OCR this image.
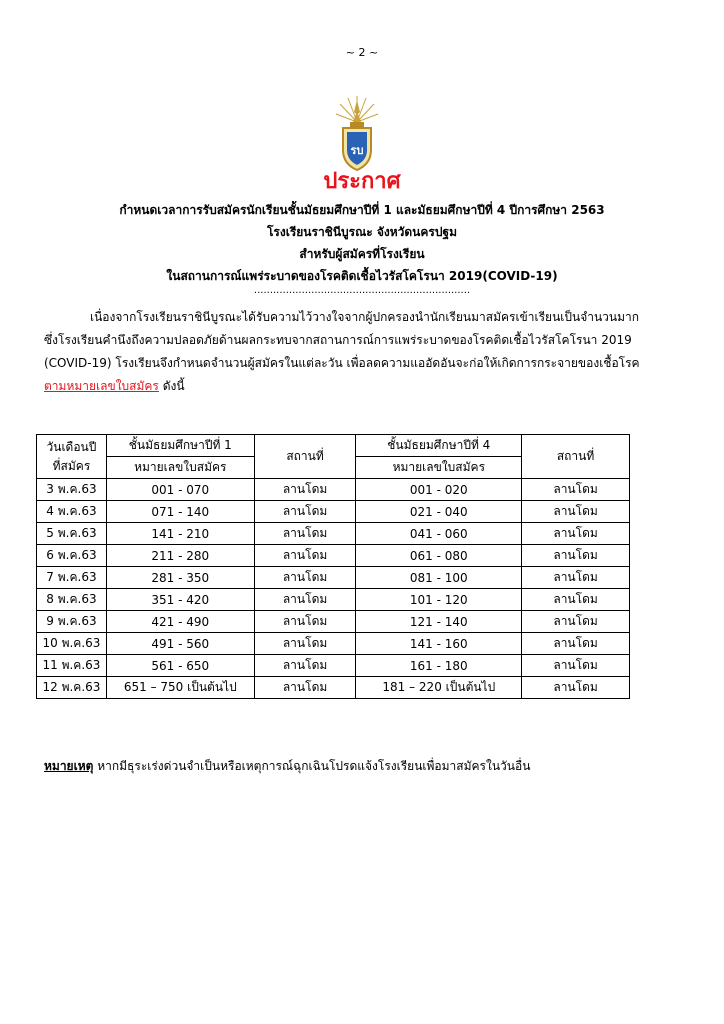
~ 2 ~
รบ
ประกาศ
กำหนดเวลาการรับสมัครนักเรียนชั้นมัธยมศึกษาปีที่ 1 และมัธยมศึกษาปีที่ 4 ปีการศึกษา 2563
โรงเรียนราชินีบูรณะ จังหวัดนครปฐม
สำหรับผู้สมัครที่โรงเรียน
ในสถานการณ์แพร่ระบาดของโรคติดเชื้อไวรัสโคโรนา 2019(COVID-19)
....................................................................
เนื่องจากโรงเรียนราชินีบูรณะได้รับความไว้วางใจจากผู้ปกครองนำนักเรียนมาสมัครเข้าเรียนเป็นจำนวนมาก
ซึ่งโรงเรียนคำนึงถึงความปลอดภัยด้านผลกระทบจากสถานการณ์การแพร่ระบาดของโรคติดเชื้อไวรัสโคโรนา 2019
(COVID-19) โรงเรียนจึงกำหนดจำนวนผู้สมัครในแต่ละวัน เพื่อลดความแออัดอันจะก่อให้เกิดการกระจายของเชื้อโรค
ตามหมายเลขใบสมัคร ดังนี้
วันเดือนปี
ที่สมัคร	ชั้นมัธยมศึกษาปีที่ 1	สถานที่	ชั้นมัธยมศึกษาปีที่ 4	สถานที่
	หมายเลขใบสมัคร		หมายเลขใบสมัคร	
3 พ.ค.63	001 - 070	ลานโดม	001 - 020	ลานโดม
4 พ.ค.63	071 - 140	ลานโดม	021 - 040	ลานโดม
5 พ.ค.63	141 - 210	ลานโดม	041 - 060	ลานโดม
6 พ.ค.63	211 - 280	ลานโดม	061 - 080	ลานโดม
7 พ.ค.63	281 - 350	ลานโดม	081 - 100	ลานโดม
8 พ.ค.63	351 - 420	ลานโดม	101 - 120	ลานโดม
9 พ.ค.63	421 - 490	ลานโดม	121 - 140	ลานโดม
10 พ.ค.63	491 - 560	ลานโดม	141 - 160	ลานโดม
11 พ.ค.63	561 - 650	ลานโดม	161 - 180	ลานโดม
12 พ.ค.63	651 – 750 เป็นต้นไป	ลานโดม	181 – 220 เป็นต้นไป	ลานโดม
หมายเหตุ หากมีธุระเร่งด่วนจำเป็นหรือเหตุการณ์ฉุกเฉินโปรดแจ้งโรงเรียนเพื่อมาสมัครในวันอื่น
